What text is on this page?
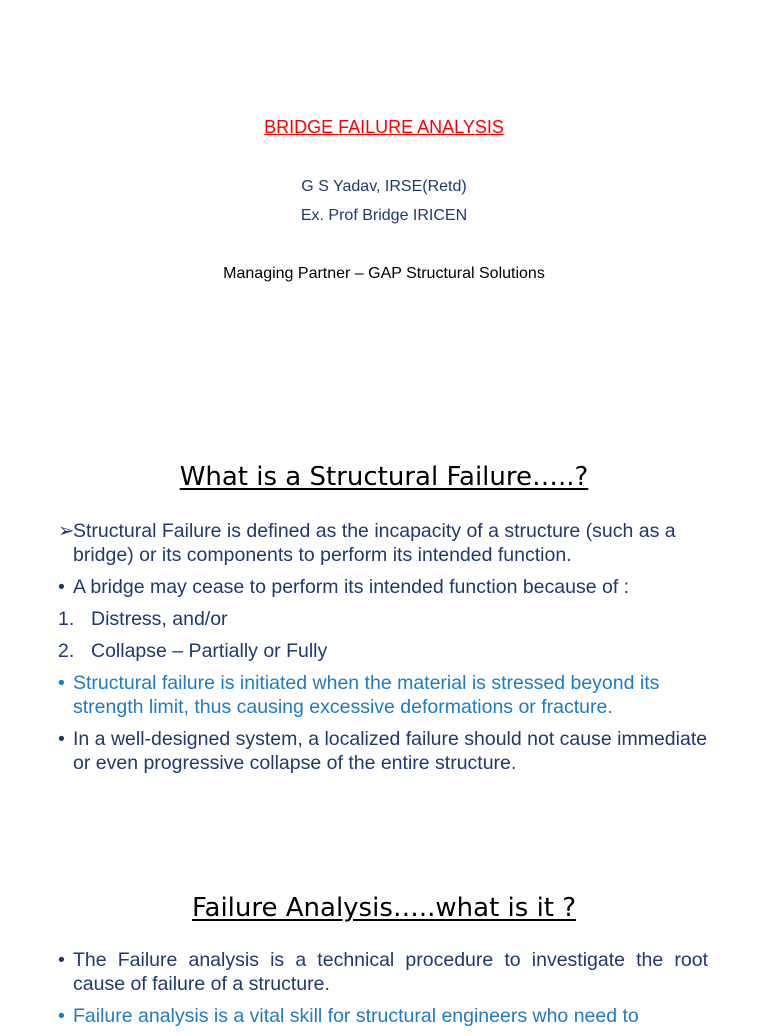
BRIDGE FAILURE ANALYSIS
G S Yadav, IRSE(Retd)
Ex. Prof Bridge IRICEN
Managing Partner – GAP Structural Solutions
What is a Structural Failure…..?
➢
Structural Failure is defined as the incapacity of a structure (such as a bridge) or its components to perform its intended function.
• A bridge may cease to perform its intended function because of :
1. Distress, and/or
2. Collapse – Partially or Fully
• Structural failure is initiated when the material is stressed beyond its strength limit, thus causing excessive deformations or fracture.
• In a well-designed system, a localized failure should not cause immediate or even progressive collapse of the entire structure.
Failure Analysis…..what is it ?
• The Failure analysis is a technical procedure to investigate the root cause of failure of a structure.
• Failure analysis is a vital skill for structural engineers who need to
